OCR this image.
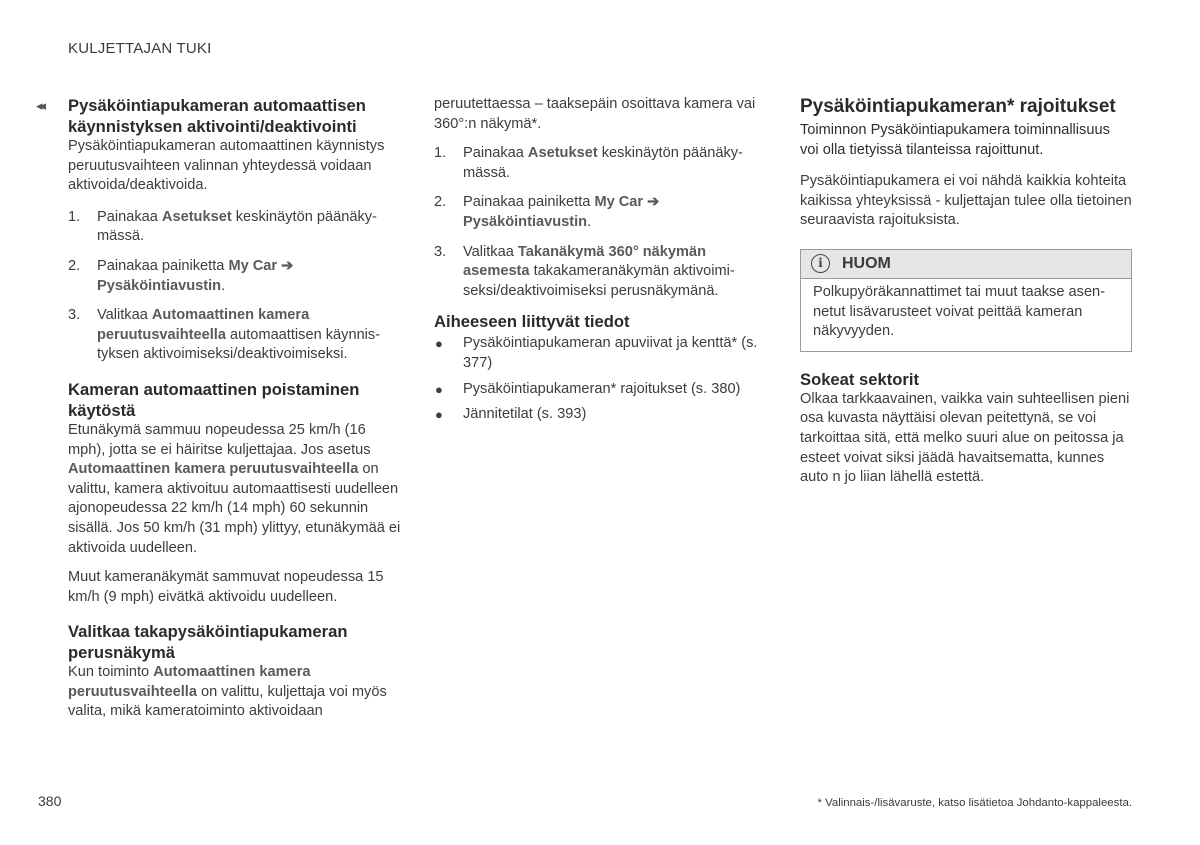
KULJETTAJAN TUKI
◂◂ Pysäköintiapukameran automaattisen käynnistyksen aktivointi/deaktivointi

Pysäköintiapukameran automaattinen käynnistys peruutusvaihteen valinnan yhteydessä voidaan aktivoida/deaktivoida.

1. Painakaa Asetukset keskinäytön päänäkymässä.
2. Painakaa painiketta My Car ➔ Pysäköintiavustin.
3. Valitkaa Automaattinen kamera peruutusvaihteella automaattisen käynnistyksen aktivoimiseksi/deaktivoimiseksi.
Kameran automaattinen poistaminen käytöstä

Etunäkymä sammuu nopeudessa 25 km/h (16 mph), jotta se ei häiritse kuljettajaa. Jos asetus Automaattinen kamera peruutusvaihteella on valittu, kamera aktivoituu automaattisesti uudelleen ajonopeudessa 22 km/h (14 mph) 60 sekunnin sisällä. Jos 50 km/h (31 mph) ylittyy, etunäkymää ei aktivoida uudelleen.

Muut kameranäkymät sammuvat nopeudessa 15 km/h (9 mph) eivätkä aktivoidu uudelleen.

Valitkaa takapysäköintiapukameran perusnäkymä

Kun toiminto Automaattinen kamera peruutusvaihteella on valittu, kuljettaja voi myös valita, mikä kameratoiminto aktivoidaan

peruutettaessa – taaksepäin osoittava kamera vai 360°:n näkymä*.

1. Painakaa Asetukset keskinäytön päänäkymässä.
2. Painakaa painiketta My Car ➔ Pysäköintiavustin.
3. Valitkaa Takanäkymä 360° näkymän asemesta takakameranäkymän aktivoimiseksi/deaktivoimiseksi perusnäkymänä.
Aiheeseen liittyvät tiedot
● Pysäköintiapukameran apuviivat ja kenttä* (s. 377)
● Pysäköintiapukameran* rajoitukset (s. 380)
● Jännitetilat (s. 393)
Pysäköintiapukameran* rajoitukset

Toiminnon Pysäköintiapukamera toiminnallisuus voi olla tietyissä tilanteissa rajoittunut.

Pysäköintiapukamera ei voi nähdä kaikkia kohteita kaikissa yhteyksissä - kuljettajan tulee olla tietoinen seuraavista rajoituksista.

i	HUOM
Polkupyöräkannattimet tai muut taakse asennetut lisävarusteet voivat peittää kameran näkyvyyden.
Sokeat sektorit

Olkaa tarkkaavainen, vaikka vain suhteellisen pieni osa kuvasta näyttäisi olevan peitettynä, se voi tarkoittaa sitä, että melko suuri alue on peitossa ja esteet voivat siksi jäädä havaitsematta, kunnes auto n jo liian lähellä estettä.

380	* Valinnais-/lisävaruste, katso lisätietoa Johdanto-kappaleesta.
